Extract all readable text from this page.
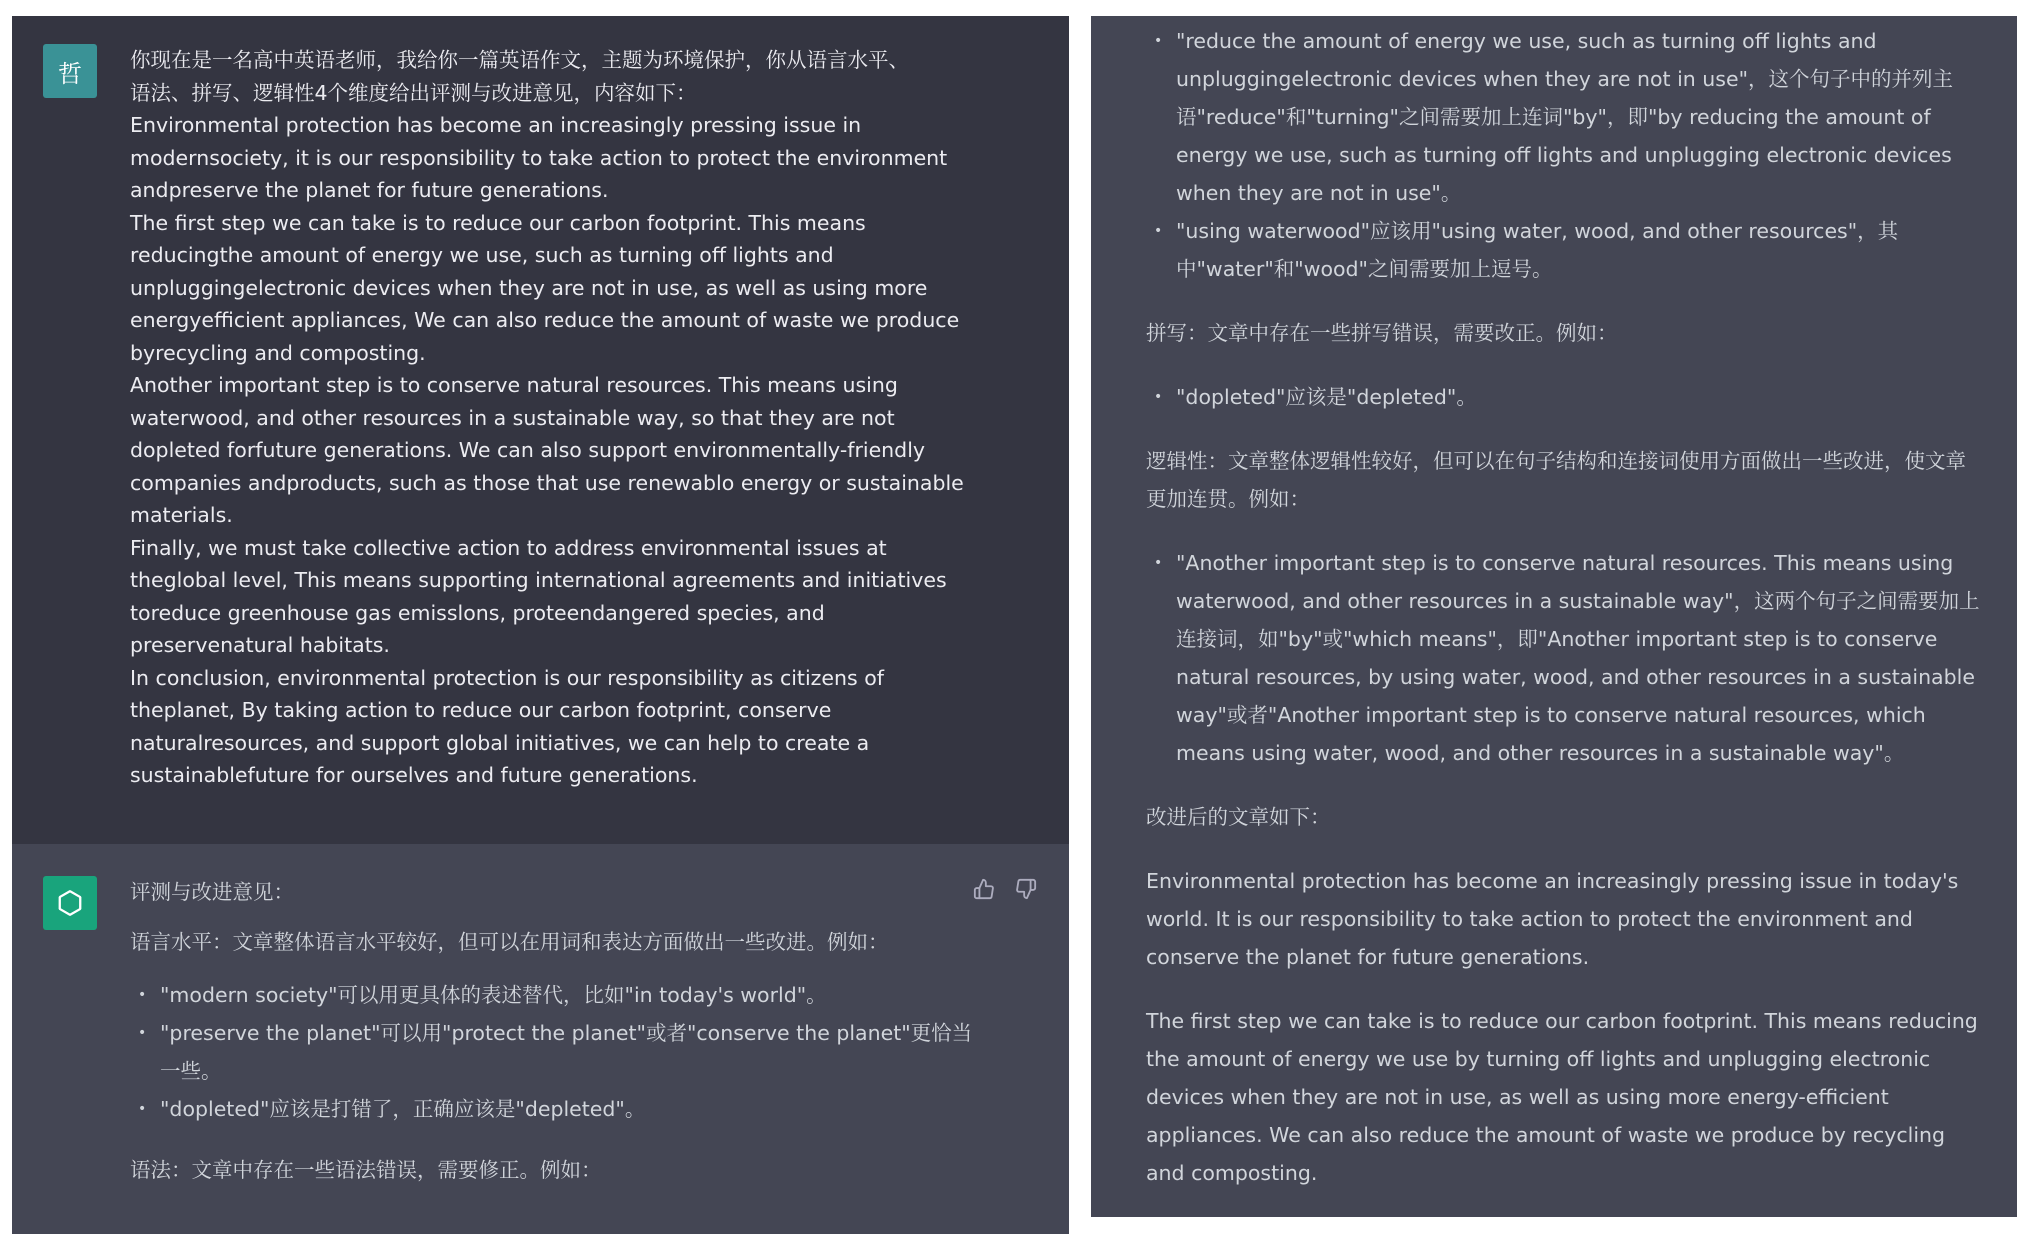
哲 你现在是一名高中英语老师，我给你一篇英语作文，主题为环境保护，你从语言水平、
语法、拼写、逻辑性4个维度给出评测与改进意见，内容如下：
Environmental protection has become an increasingly pressing issue in
modernsociety, it is our responsibility to take action to protect the environment
andpreserve the planet for future generations.
The first step we can take is to reduce our carbon footprint. This means
reducingthe amount of energy we use, such as turning off lights and
unpluggingelectronic devices when they are not in use, as well as using more
energyefficient appliances, We can also reduce the amount of waste we produce
byrecycling and composting.
Another important step is to conserve natural resources. This means using
waterwood, and other resources in a sustainable way, so that they are not
dopleted forfuture generations. We can also support environmentally-friendly
companies andproducts, such as those that use renewablo energy or sustainable
materials.
Finally, we must take collective action to address environmental issues at
theglobal level, This means supporting international agreements and initiatives
toreduce greenhouse gas emisslons, proteendangered species, and
preservenatural habitats.
In conclusion, environmental protection is our responsibility as citizens of
theplanet, By taking action to reduce our carbon footprint, conserve
naturalresources, and support global initiatives, we can help to create a
sustainablefuture for ourselves and future generations.

评测与改进意见：

语言水平：文章整体语言水平较好，但可以在用词和表达方面做出一些改进。例如：

• "modern society"可以用更具体的表述替代，比如"in today's world"。
• "preserve the planet"可以用"protect the planet"或者"conserve the planet"更恰当一些。
• "dopleted"应该是打错了，正确应该是"depleted"。

语法：文章中存在一些语法错误，需要修正。例如：

• "reduce the amount of energy we use, such as turning off lights and unpluggingelectronic devices when they are not in use"，这个句子中的并列主语"reduce"和"turning"之间需要加上连词"by"，即"by reducing the amount of energy we use, such as turning off lights and unplugging electronic devices when they are not in use"。
• "using waterwood"应该用"using water, wood, and other resources"，其中"water"和"wood"之间需要加上逗号。

拼写：文章中存在一些拼写错误，需要改正。例如：

• "dopleted"应该是"depleted"。

逻辑性：文章整体逻辑性较好，但可以在句子结构和连接词使用方面做出一些改进，使文章更加连贯。例如：

• "Another important step is to conserve natural resources. This means using waterwood, and other resources in a sustainable way"，这两个句子之间需要加上连接词，如"by"或"which means"，即"Another important step is to conserve natural resources, by using water, wood, and other resources in a sustainable way"或者"Another important step is to conserve natural resources, which means using water, wood, and other resources in a sustainable way"。

改进后的文章如下：

Environmental protection has become an increasingly pressing issue in today's world. It is our responsibility to take action to protect the environment and conserve the planet for future generations.

The first step we can take is to reduce our carbon footprint. This means reducing the amount of energy we use by turning off lights and unplugging electronic devices when they are not in use, as well as using more energy-efficient appliances. We can also reduce the amount of waste we produce by recycling and composting.
